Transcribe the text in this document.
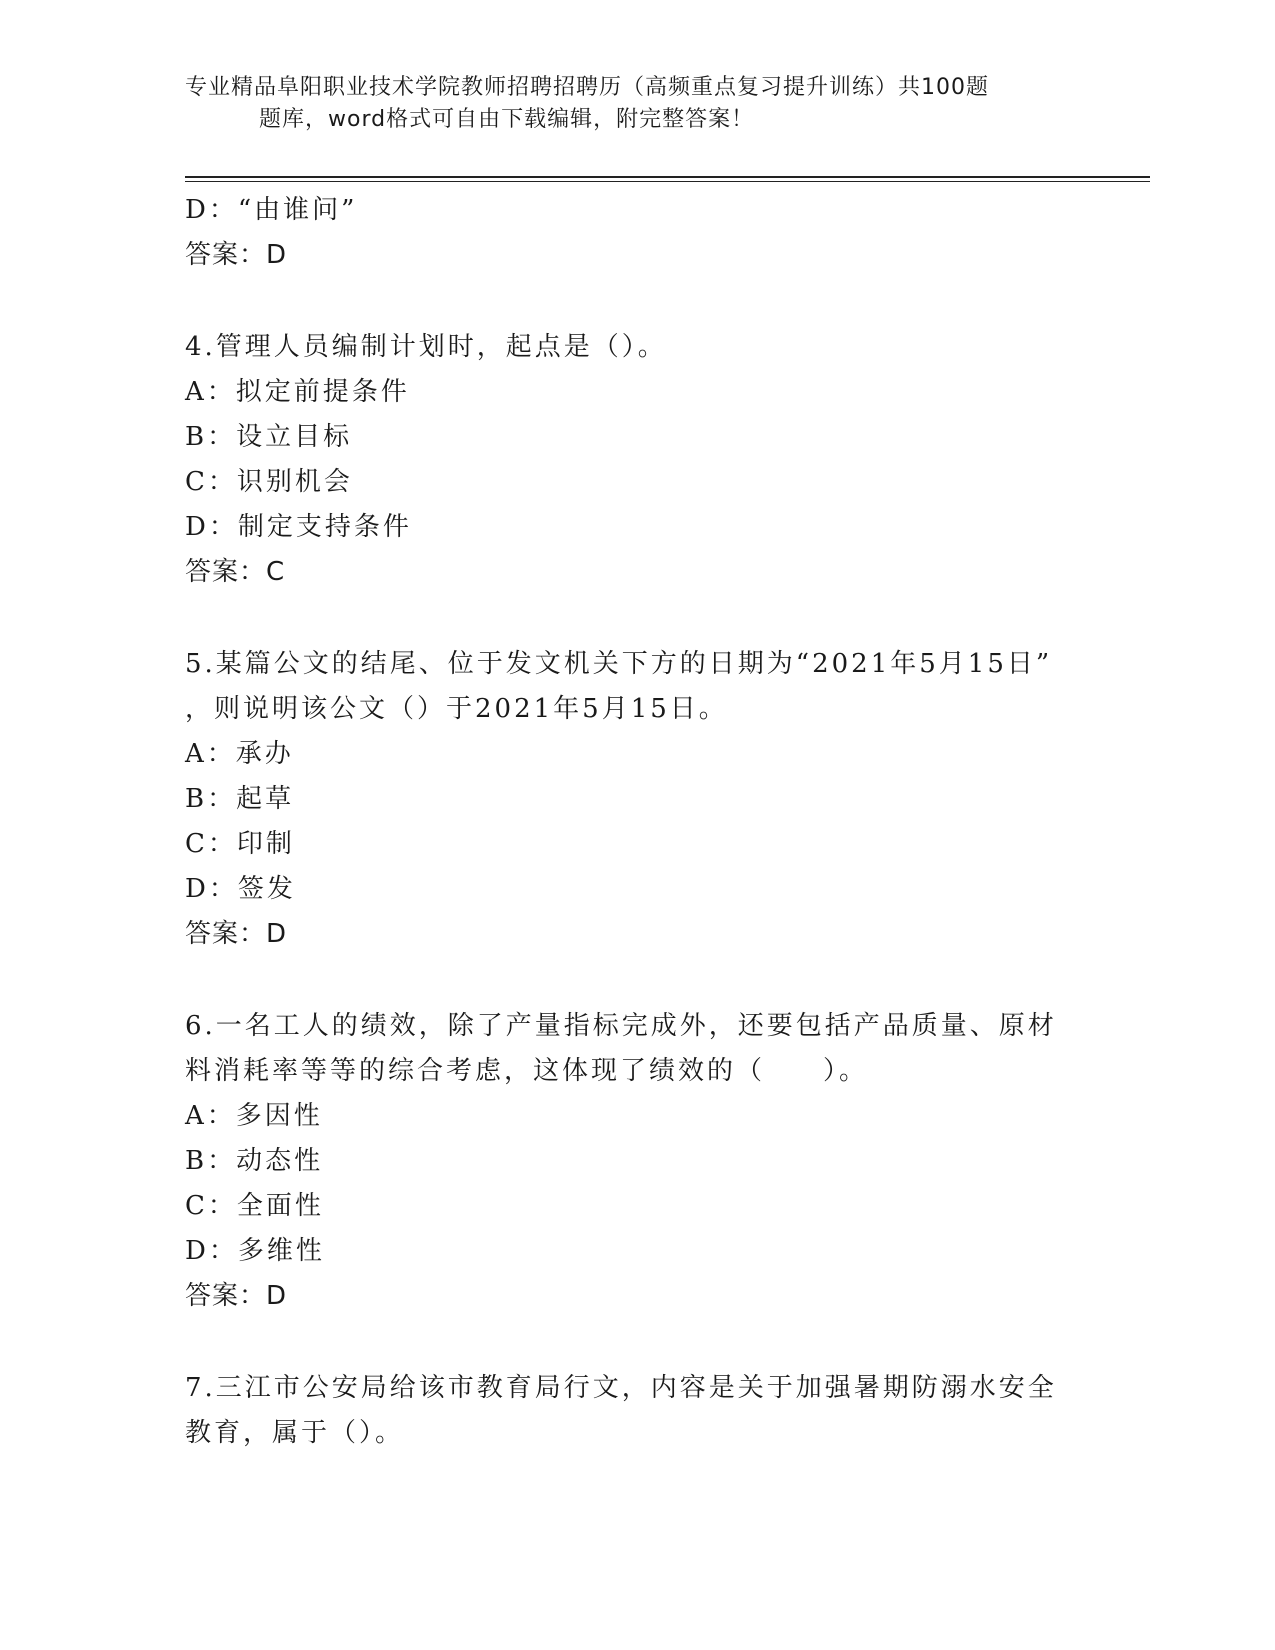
专业精品阜阳职业技术学院教师招聘招聘历（高频重点复习提升训练）共100题
题库，word格式可自由下载编辑，附完整答案！
D：“由谁问”
答案：D
4.管理人员编制计划时，起点是（）。
A：拟定前提条件
B：设立目标
C：识别机会
D：制定支持条件
答案：C
5.某篇公文的结尾、位于发文机关下方的日期为“2021年5月15日”
，则说明该公文（）于2021年5月15日。
A：承办
B：起草
C：印制
D：签发
答案：D
6.一名工人的绩效，除了产量指标完成外，还要包括产品质量、原材
料消耗率等等的综合考虑，这体现了绩效的（　　）。
A：多因性
B：动态性
C：全面性
D：多维性
答案：D
7.三江市公安局给该市教育局行文，内容是关于加强暑期防溺水安全
教育，属于（）。
